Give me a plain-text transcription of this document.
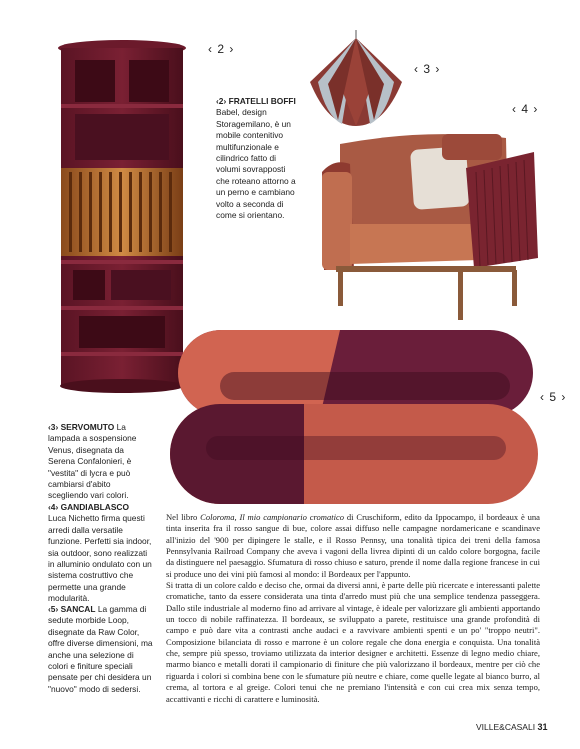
‹ 2 ›
‹ 3 ›
‹ 4 ›
‹ 5 ›
‹2› FRATELLI BOFFI
Babel, design Storagemilano, è un mobile contenitivo multifunzionale e cilindrico fatto di volumi sovrapposti che roteano attorno a un perno e cambiano volto a seconda di come si orientano.
‹3› SERVOMUTO La lampada a sospensione Venus, disegnata da Serena Confalonieri, è "vestita" di lycra e può cambiarsi d'abito scegliendo vari colori.
‹4› GANDIABLASCO
Luca Nichetto firma questi arredi dalla versatile funzione. Perfetti sia indoor, sia outdoor, sono realizzati in alluminio ondulato con un sistema costruttivo che permette una grande modularità.
‹5› SANCAL La gamma di sedute morbide Loop, disegnate da Raw Color, offre diverse dimensioni, ma anche una selezione di colori e finiture speciali pensate per chi desidera un "nuovo" modo di sedersi.
Nel libro Coloroma, Il mio campionario cromatico di Cruschiform, edito da Ippocampo, il bordeaux è una tinta inserita fra il rosso sangue di bue, colore assai diffuso nelle campagne nordamericane e scandinave all'inizio del '900 per dipingere le stalle, e il Rosso Pennsy, una tonalità tipica dei treni della famosa Pennsylvania Railroad Company che aveva i vagoni della livrea dipinti di un caldo colore borgogna, facile da distinguere nel paesaggio. Sfumatura di rosso chiuso e saturo, prende il nome dalla regione francese in cui si produce uno dei vini più famosi al mondo: il Bordeaux per l'appunto.
Si tratta di un colore caldo e deciso che, ormai da diversi anni, è parte delle più ricercate e interessanti palette cromatiche, tanto da essere considerata una tinta d'arredo must più che una semplice tendenza passeggera. Dallo stile industriale al moderno fino ad arrivare al vintage, è ideale per valorizzare gli ambienti apportando un tocco di nobile raffinatezza. Il bordeaux, se sviluppato a parete, restituisce una grande profondità di campo e può dare vita a contrasti anche audaci e a ravvivare ambienti spenti e un po' "troppo neutri". Composizione bilanciata di rosso e marrone è un colore regale che dona energia e conquista. Una tonalità che, sempre più spesso, troviamo utilizzata da interior designer e architetti. Essenze di legno medio chiare, marmo bianco e metalli dorati il campionario di finiture che più valorizzano il bordeaux, mentre per ciò che riguarda i colori si combina bene con le sfumature più neutre e chiare, come quelle legate al bianco burro, al crema, al tortora e al greige. Colori tenui che ne premiano l'intensità e con cui crea mix senza tempo, accattivanti e ricchi di carattere e luminosità.
VILLE&CASALI 31
